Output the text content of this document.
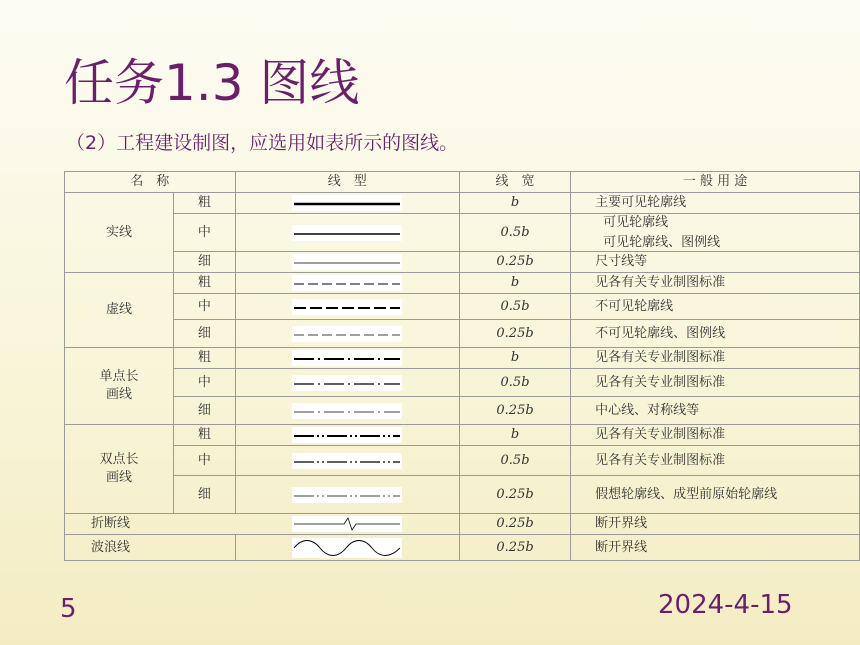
任务1.3 图线
（2）工程建设制图，应选用如表所示的图线。
名　称		线　型	线　宽	一 般 用 途
实线	粗		b	主要可见轮廓线
	中		0.5b	可见轮廓线
可见轮廓线、图例线

	细		0.25b	尺寸线等
虚线	粗		b	见各有关专业制图标准
	中		0.5b	不可见轮廓线
	细		0.25b	不可见轮廓线、图例线

单点长
画线	粗		b	见各有关专业制图标准
	中		0.5b	见各有关专业制图标准
	细		0.25b	中心线、对称线等

双点长
画线	粗		b	见各有关专业制图标准
	中		0.5b	见各有关专业制图标准
	细		0.25b	假想轮廓线、成型前原始轮廓线
折断线			0.25b	断开界线
波浪线			0.25b	断开界线
5	2024-4-15
